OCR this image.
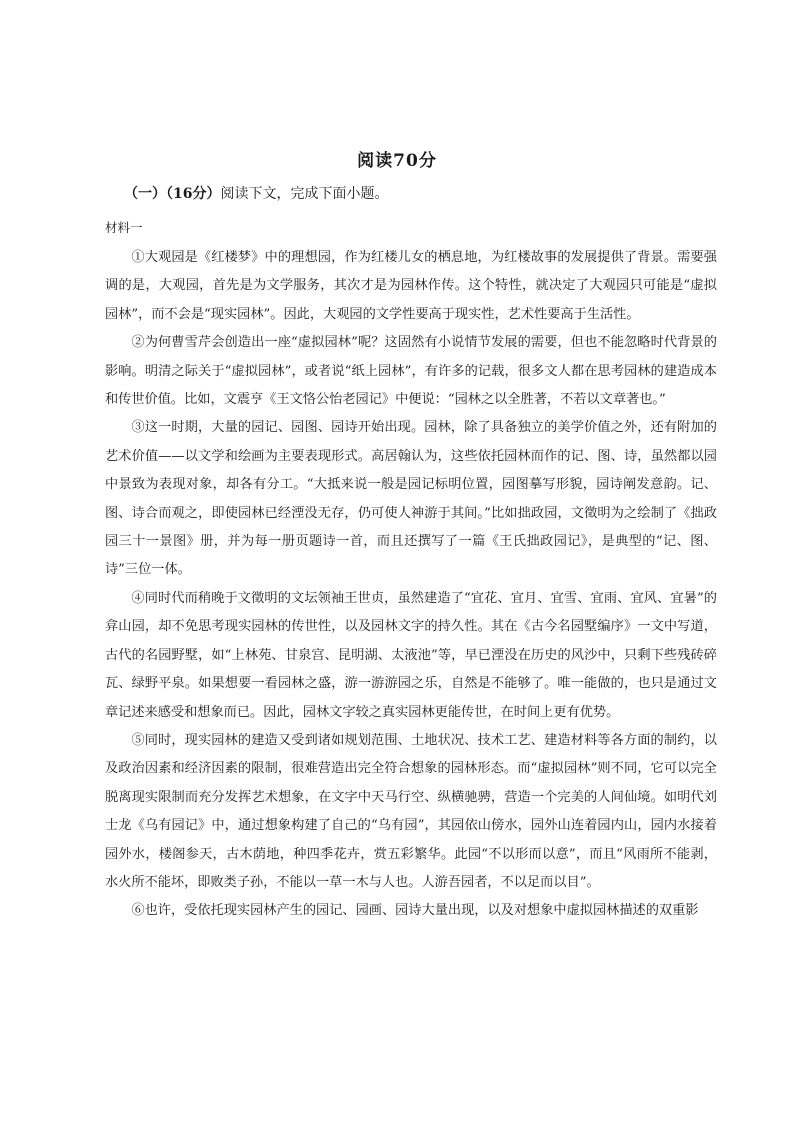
阅读70分
（一）（16分）阅读下文，完成下面小题。
材料一

①大观园是《红楼梦》中的理想园，作为红楼儿女的栖息地，为红楼故事的发展提供了背景。需要强调的是，大观园，首先是为文学服务，其次才是为园林作传。这个特性，就决定了大观园只可能是“虚拟园林”，而不会是“现实园林”。因此，大观园的文学性要高于现实性，艺术性要高于生活性。

②为何曹雪芹会创造出一座“虚拟园林”呢？这固然有小说情节发展的需要，但也不能忽略时代背景的影响。明清之际关于“虚拟园林”，或者说“纸上园林”，有许多的记载，很多文人都在思考园林的建造成本和传世价值。比如，文震亨《王文恪公怡老园记》中便说：“园林之以全胜著，不若以文章著也。”

③这一时期，大量的园记、园图、园诗开始出现。园林，除了具备独立的美学价值之外，还有附加的艺术价值——以文学和绘画为主要表现形式。高居翰认为，这些依托园林而作的记、图、诗，虽然都以园中景致为表现对象，却各有分工。“大抵来说一般是园记标明位置，园图摹写形貌，园诗阐发意韵。记、图、诗合而观之，即使园林已经湮没无存，仍可使人神游于其间。”比如拙政园，文徵明为之绘制了《拙政园三十一景图》册，并为每一册页题诗一首，而且还撰写了一篇《王氏拙政园记》，是典型的“记、图、诗”三位一体。

④同时代而稍晚于文徵明的文坛领袖王世贞，虽然建造了“宜花、宜月、宜雪、宜雨、宜风、宜暑”的弇山园，却不免思考现实园林的传世性，以及园林文字的持久性。其在《古今名园墅编序》一文中写道，古代的名园野墅，如“上林苑、甘泉宫、昆明湖、太液池”等，早已湮没在历史的风沙中，只剩下些残砖碎瓦、绿野平泉。如果想要一看园林之盛，游一游游园之乐，自然是不能够了。唯一能做的，也只是通过文章记述来感受和想象而已。因此，园林文字较之真实园林更能传世，在时间上更有优势。

⑤同时，现实园林的建造又受到诸如规划范围、土地状况、技术工艺、建造材料等各方面的制约，以及政治因素和经济因素的限制，很难营造出完全符合想象的园林形态。而“虚拟园林”则不同，它可以完全脱离现实限制而充分发挥艺术想象，在文字中天马行空、纵横驰骋，营造一个完美的人间仙境。如明代刘士龙《乌有园记》中，通过想象构建了自己的“乌有园”，其园依山傍水，园外山连着园内山，园内水接着园外水，楼阁参天，古木荫地，种四季花卉，赏五彩繁华。此园“不以形而以意”，而且“风雨所不能剥，水火所不能坏，即败类子孙，不能以一草一木与人也。人游吾园者，不以足而以目”。

⑥也许，受依托现实园林产生的园记、园画、园诗大量出现，以及对想象中虚拟园林描述的双重影
